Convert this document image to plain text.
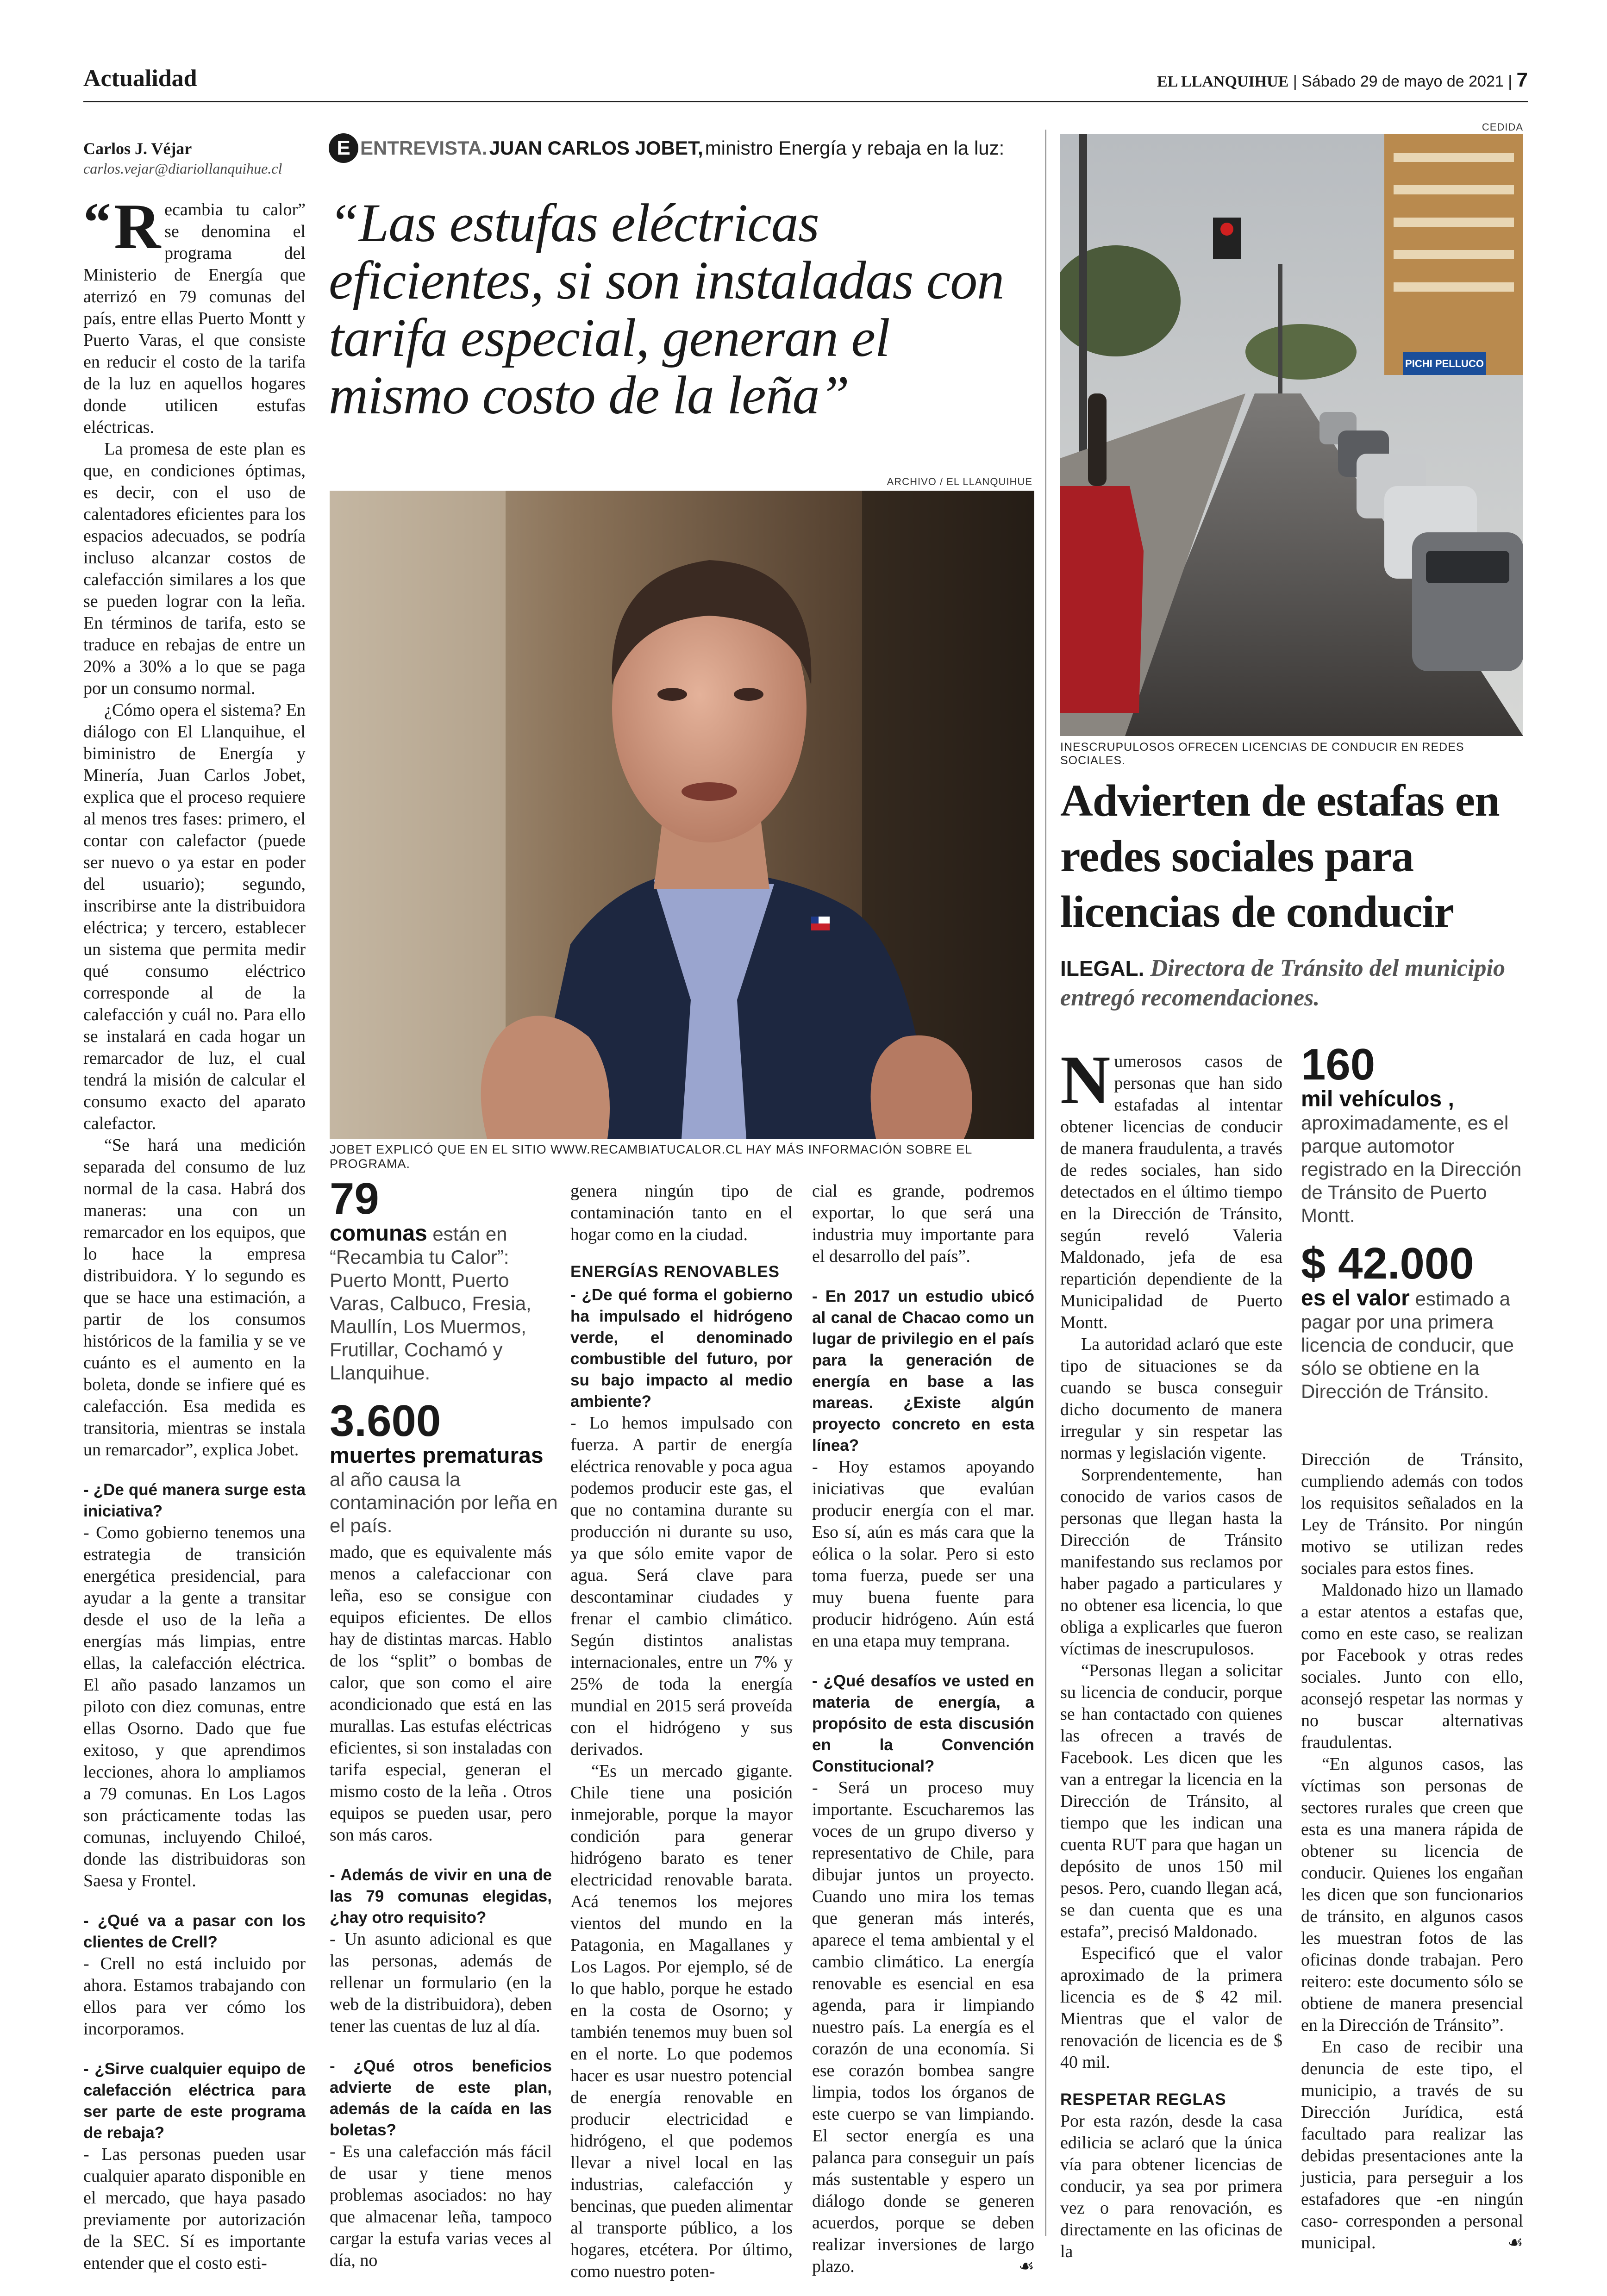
Actualidad	EL LLANQUIHUE | Sábado 29 de mayo de 2021 | 7
Carlos J. Véjar
carlos.vejar@diariollanquihue.cl
E ENTREVISTA. JUAN CARLOS JOBET, ministro Energía y rebaja en la luz:
“Las estufas eléctricas eficientes, si son instaladas con tarifa especial, generan el mismo costo de la leña”
ARCHIVO / EL LLANQUIHUE
JOBET EXPLICÓ QUE EN EL SITIO WWW.RECAMBIATUCALOR.CL HAY MÁS INFORMACIÓN SOBRE EL PROGRAMA.

“ R ecambia tu calor” se denomina el programa del Ministerio de Energía que aterrizó en 79 comunas del país, entre ellas Puerto Montt y Puerto Varas, el que consiste en reducir el costo de la tarifa de la luz en aquellos hogares donde utilicen estufas eléctricas.

La promesa de este plan es que, en condiciones óptimas, es decir, con el uso de calentadores eficientes para los espacios adecuados, se podría incluso alcanzar costos de calefacción similares a los que se pueden lograr con la leña. En términos de tarifa, esto se traduce en rebajas de entre un 20% a 30% a lo que se paga por un consumo normal.

¿Cómo opera el sistema? En diálogo con El Llanquihue, el biministro de Energía y Minería, Juan Carlos Jobet, explica que el proceso requiere al menos tres fases: primero, el contar con calefactor (puede ser nuevo o ya estar en poder del usuario); segundo, inscribirse ante la distribuidora eléctrica; y tercero, establecer un sistema que permita medir qué consumo eléctrico corresponde al de la calefacción y cuál no. Para ello se instalará en cada hogar un remarcador de luz, el cual tendrá la misión de calcular el consumo exacto del aparato calefactor.

“Se hará una medición separada del consumo de luz normal de la casa. Habrá dos maneras: una con un remarcador en los equipos, que lo hace la empresa distribuidora. Y lo segundo es que se hace una estimación, a partir de los consumos históricos de la familia y se ve cuánto es el aumento en la boleta, donde se infiere qué es calefacción. Esa medida es transitoria, mientras se instala un remarcador”, explica Jobet.

- ¿De qué manera surge esta iniciativa?

- Como gobierno tenemos una estrategia de transición energética presidencial, para ayudar a la gente a transitar desde el uso de la leña a energías más limpias, entre ellas, la calefacción eléctrica. El año pasado lanzamos un piloto con diez comunas, entre ellas Osorno. Dado que fue exitoso, y que aprendimos lecciones, ahora lo ampliamos a 79 comunas. En Los Lagos son prácticamente todas las comunas, incluyendo Chiloé, donde las distribuidoras son Saesa y Frontel.

- ¿Qué va a pasar con los clientes de Crell?

- Crell no está incluido por ahora. Estamos trabajando con ellos para ver cómo los incorporamos.

- ¿Sirve cualquier equipo de calefacción eléctrica para ser parte de este programa de rebaja?

- Las personas pueden usar cualquier aparato disponible en el mercado, que haya pasado previamente por autorización de la SEC. Sí es importante entender que el costo esti-

79
comunas están en “Recambia tu Calor”: Puerto Montt, Puerto Varas, Calbuco, Fresia, Maullín, Los Muermos, Frutillar, Cochamó y Llanquihue.
3.600
muertes prematuras al año causa la contaminación por leña en el país.

mado, que es equivalente más menos a calefaccionar con leña, eso se consigue con equipos eficientes. De ellos hay de distintas marcas. Hablo de los “split” o bombas de calor, que son como el aire acondicionado que está en las murallas. Las estufas eléctricas eficientes, si son instaladas con tarifa especial, generan el mismo costo de la leña . Otros equipos se pueden usar, pero son más caros.

- Además de vivir en una de las 79 comunas elegidas, ¿hay otro requisito?

- Un asunto adicional es que las personas, además de rellenar un formulario (en la web de la distribuidora), deben tener las cuentas de luz al día.

- ¿Qué otros beneficios advierte de este plan, además de la caída en las boletas?

- Es una calefacción más fácil de usar y tiene menos problemas asociados: no hay que almacenar leña, tampoco cargar la estufa varias veces al día, no

genera ningún tipo de contaminación tanto en el hogar como en la ciudad.

ENERGÍAS RENOVABLES

- ¿De qué forma el gobierno ha impulsado el hidrógeno verde, el denominado combustible del futuro, por su bajo impacto al medio ambiente?

- Lo hemos impulsado con fuerza. A partir de energía eléctrica renovable y poca agua podemos producir este gas, el que no contamina durante su producción ni durante su uso, ya que sólo emite vapor de agua. Será clave para descontaminar ciudades y frenar el cambio climático. Según distintos analistas internacionales, entre un 7% y 25% de toda la energía mundial en 2015 será proveída con el hidrógeno y sus derivados.

“Es un mercado gigante. Chile tiene una posición inmejorable, porque la mayor condición para generar hidrógeno barato es tener electricidad renovable barata. Acá tenemos los mejores vientos del mundo en la Patagonia, en Magallanes y Los Lagos. Por ejemplo, sé de lo que hablo, porque he estado en la costa de Osorno; y también tenemos muy buen sol en el norte. Lo que podemos hacer es usar nuestro potencial de energía renovable en producir electricidad e hidrógeno, el que podemos llevar a nivel local en las industrias, calefacción y bencinas, que pueden alimentar al transporte público, a los hogares, etcétera. Por último, como nuestro poten-

cial es grande, podremos exportar, lo que será una industria muy importante para el desarrollo del país”.

- En 2017 un estudio ubicó al canal de Chacao como un lugar de privilegio en el país para la generación de energía en base a las mareas. ¿Existe algún proyecto concreto en esta línea?

- Hoy estamos apoyando iniciativas que evalúan producir energía con el mar. Eso sí, aún es más cara que la eólica o la solar. Pero si esto toma fuerza, puede ser una muy buena fuente para producir hidrógeno. Aún está en una etapa muy temprana.

- ¿Qué desafíos ve usted en materia de energía, a propósito de esta discusión en la Convención Constitucional?

- Será un proceso muy importante. Escucharemos las voces de un grupo diverso y representativo de Chile, para dibujar juntos un proyecto. Cuando uno mira los temas que generan más interés, aparece el tema ambiental y el cambio climático. La energía renovable es esencial en esa agenda, para ir limpiando nuestro país. La energía es el corazón de una economía. Si ese corazón bombea sangre limpia, todos los órganos de este cuerpo se van limpiando. El sector energía es una palanca para conseguir un país más sustentable y espero un diálogo donde se generen acuerdos, porque se deben realizar inversiones de largo plazo.	☙

CEDIDA
PICHI PELLUCO
INESCRUPULOSOS OFRECEN LICENCIAS DE CONDUCIR EN REDES SOCIALES.
Advierten de estafas en redes sociales para licencias de conducir
ILEGAL. Directora de Tránsito del municipio entregó recomendaciones.

N umerosos casos de personas que han sido estafadas al intentar obtener licencias de conducir de manera fraudulenta, a través de redes sociales, han sido detectados en el último tiempo en la Dirección de Tránsito, según reveló Valeria Maldonado, jefa de esa repartición dependiente de la Municipalidad de Puerto Montt.

La autoridad aclaró que este tipo de situaciones se da cuando se busca conseguir dicho documento de manera irregular y sin respetar las normas y legislación vigente.

Sorprendentemente, han conocido de varios casos de personas que llegan hasta la Dirección de Tránsito manifestando sus reclamos por haber pagado a particulares y no obtener esa licencia, lo que obliga a explicarles que fueron víctimas de inescrupulosos.

“Personas llegan a solicitar su licencia de conducir, porque se han contactado con quienes las ofrecen a través de Facebook. Les dicen que les van a entregar la licencia en la Dirección de Tránsito, al tiempo que les indican una cuenta RUT para que hagan un depósito de unos 150 mil pesos. Pero, cuando llegan acá, se dan cuenta que es una estafa”, precisó Maldonado.

Especificó que el valor aproximado de la primera licencia es de $ 42 mil. Mientras que el valor de renovación de licencia es de $ 40 mil.

RESPETAR REGLAS

Por esta razón, desde la casa edilicia se aclaró que la única vía para obtener licencias de conducir, ya sea por primera vez o para renovación, es directamente en las oficinas de la

160
mil vehículos , aproximadamente, es el parque automotor registrado en la Dirección de Tránsito de Puerto Montt.
$ 42.000
es el valor estimado a pagar por una primera licencia de conducir, que sólo se obtiene en la Dirección de Tránsito.

Dirección de Tránsito, cumpliendo además con todos los requisitos señalados en la Ley de Tránsito. Por ningún motivo se utilizan redes sociales para estos fines.

Maldonado hizo un llamado a estar atentos a estafas que, como en este caso, se realizan por Facebook y otras redes sociales. Junto con ello, aconsejó respetar las normas y no buscar alternativas fraudulentas.

“En algunos casos, las víctimas son personas de sectores rurales que creen que esta es una manera rápida de obtener su licencia de conducir. Quienes los engañan les dicen que son funcionarios de tránsito, en algunos casos les muestran fotos de las oficinas donde trabajan. Pero reitero: este documento sólo se obtiene de manera presencial en la Dirección de Tránsito”.

En caso de recibir una denuncia de este tipo, el municipio, a través de su Dirección Jurídica, está facultado para realizar las debidas presentaciones ante la justicia, para perseguir a los estafadores que -en ningún caso- corresponden a personal municipal.	☙
